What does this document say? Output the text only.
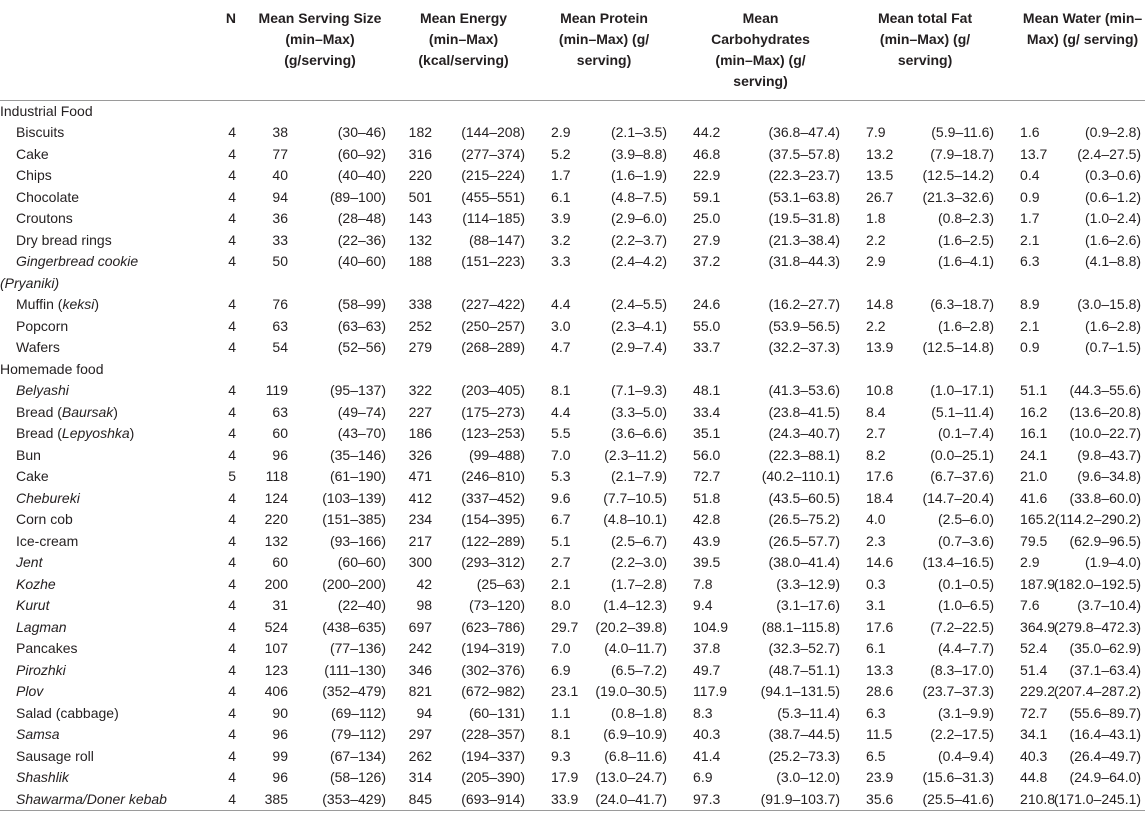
	N	Mean Serving Size (min–Max) (g/serving)		Mean Energy (min–Max) (kcal/serving)		Mean Protein (min–Max) (g/ serving)		Mean Carbohydrates (min–Max) (g/ serving)		Mean total Fat (min–Max) (g/ serving)		Mean Water (min–Max) (g/ serving)	
Industrial Food													
Biscuits	4	38	(30–46)	182	(144–208)	2.9	(2.1–3.5)	44.2	(36.8–47.4)	7.9	(5.9–11.6)	1.6	(0.9–2.8)
Cake	4	77	(60–92)	316	(277–374)	5.2	(3.9–8.8)	46.8	(37.5–57.8)	13.2	(7.9–18.7)	13.7	(2.4–27.5)
Chips	4	40	(40–40)	220	(215–224)	1.7	(1.6–1.9)	22.9	(22.3–23.7)	13.5	(12.5–14.2)	0.4	(0.3–0.6)
Chocolate	4	94	(89–100)	501	(455–551)	6.1	(4.8–7.5)	59.1	(53.1–63.8)	26.7	(21.3–32.6)	0.9	(0.6–1.2)
Croutons	4	36	(28–48)	143	(114–185)	3.9	(2.9–6.0)	25.0	(19.5–31.8)	1.8	(0.8–2.3)	1.7	(1.0–2.4)
Dry bread rings	4	33	(22–36)	132	(88–147)	3.2	(2.2–3.7)	27.9	(21.3–38.4)	2.2	(1.6–2.5)	2.1	(1.6–2.6)
Gingerbread cookie	4	50	(40–60)	188	(151–223)	3.3	(2.4–4.2)	37.2	(31.8–44.3)	2.9	(1.6–4.1)	6.3	(4.1–8.8)
(Pryaniki)													
Muffin (keksi)	4	76	(58–99)	338	(227–422)	4.4	(2.4–5.5)	24.6	(16.2–27.7)	14.8	(6.3–18.7)	8.9	(3.0–15.8)
Popcorn	4	63	(63–63)	252	(250–257)	3.0	(2.3–4.1)	55.0	(53.9–56.5)	2.2	(1.6–2.8)	2.1	(1.6–2.8)
Wafers	4	54	(52–56)	279	(268–289)	4.7	(2.9–7.4)	33.7	(32.2–37.3)	13.9	(12.5–14.8)	0.9	(0.7–1.5)
Homemade food													
Belyashi	4	119	(95–137)	322	(203–405)	8.1	(7.1–9.3)	48.1	(41.3–53.6)	10.8	(1.0–17.1)	51.1	(44.3–55.6)
Bread (Baursak)	4	63	(49–74)	227	(175–273)	4.4	(3.3–5.0)	33.4	(23.8–41.5)	8.4	(5.1–11.4)	16.2	(13.6–20.8)
Bread (Lepyoshka)	4	60	(43–70)	186	(123–253)	5.5	(3.6–6.6)	35.1	(24.3–40.7)	2.7	(0.1–7.4)	16.1	(10.0–22.7)
Bun	4	96	(35–146)	326	(99–488)	7.0	(2.3–11.2)	56.0	(22.3–88.1)	8.2	(0.0–25.1)	24.1	(9.8–43.7)
Cake	5	118	(61–190)	471	(246–810)	5.3	(2.1–7.9)	72.7	(40.2–110.1)	17.6	(6.7–37.6)	21.0	(9.6–34.8)
Chebureki	4	124	(103–139)	412	(337–452)	9.6	(7.7–10.5)	51.8	(43.5–60.5)	18.4	(14.7–20.4)	41.6	(33.8–60.0)
Corn cob	4	220	(151–385)	234	(154–395)	6.7	(4.8–10.1)	42.8	(26.5–75.2)	4.0	(2.5–6.0)	165.2	(114.2–290.2)
Ice-cream	4	132	(93–166)	217	(122–289)	5.1	(2.5–6.7)	43.9	(26.5–57.7)	2.3	(0.7–3.6)	79.5	(62.9–96.5)
Jent	4	60	(60–60)	300	(293–312)	2.7	(2.2–3.0)	39.5	(38.0–41.4)	14.6	(13.4–16.5)	2.9	(1.9–4.0)
Kozhe	4	200	(200–200)	42	(25–63)	2.1	(1.7–2.8)	7.8	(3.3–12.9)	0.3	(0.1–0.5)	187.9	(182.0–192.5)
Kurut	4	31	(22–40)	98	(73–120)	8.0	(1.4–12.3)	9.4	(3.1–17.6)	3.1	(1.0–6.5)	7.6	(3.7–10.4)
Lagman	4	524	(438–635)	697	(623–786)	29.7	(20.2–39.8)	104.9	(88.1–115.8)	17.6	(7.2–22.5)	364.9	(279.8–472.3)
Pancakes	4	107	(77–136)	242	(194–319)	7.0	(4.0–11.7)	37.8	(32.3–52.7)	6.1	(4.4–7.7)	52.4	(35.0–62.9)
Pirozhki	4	123	(111–130)	346	(302–376)	6.9	(6.5–7.2)	49.7	(48.7–51.1)	13.3	(8.3–17.0)	51.4	(37.1–63.4)
Plov	4	406	(352–479)	821	(672–982)	23.1	(19.0–30.5)	117.9	(94.1–131.5)	28.6	(23.7–37.3)	229.2	(207.4–287.2)
Salad (cabbage)	4	90	(69–112)	94	(60–131)	1.1	(0.8–1.8)	8.3	(5.3–11.4)	6.3	(3.1–9.9)	72.7	(55.6–89.7)
Samsa	4	96	(79–112)	297	(228–357)	8.1	(6.9–10.9)	40.3	(38.7–44.5)	11.5	(2.2–17.5)	34.1	(16.4–43.1)
Sausage roll	4	99	(67–134)	262	(194–337)	9.3	(6.8–11.6)	41.4	(25.2–73.3)	6.5	(0.4–9.4)	40.3	(26.4–49.7)
Shashlik	4	96	(58–126)	314	(205–390)	17.9	(13.0–24.7)	6.9	(3.0–12.0)	23.9	(15.6–31.3)	44.8	(24.9–64.0)
Shawarma/Doner kebab	4	385	(353–429)	845	(693–914)	33.9	(24.0–41.7)	97.3	(91.9–103.7)	35.6	(25.5–41.6)	210.8	(171.0–245.1)
